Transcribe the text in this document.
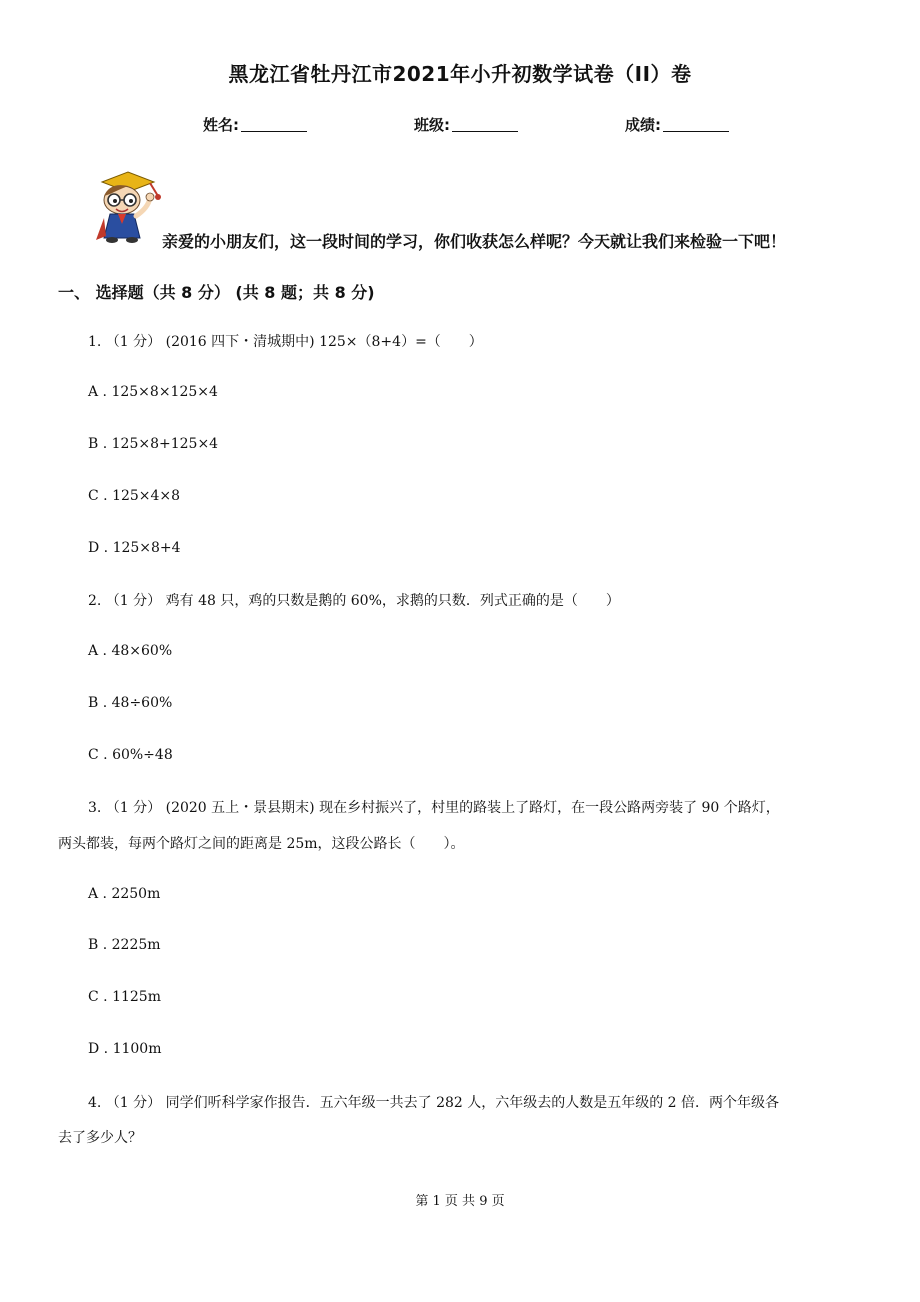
黑龙江省牡丹江市2021年小升初数学试卷（II）卷
姓名:	班级:	成绩:
亲爱的小朋友们，这一段时间的学习，你们收获怎么样呢？今天就让我们来检验一下吧！
一、 选择题（共 8 分） (共 8 题；共 8 分)
1. （1 分） (2016 四下・清城期中) 125×（8+4）=（　　）
A . 125×8×125×4
B . 125×8+125×4
C . 125×4×8
D . 125×8+4
2. （1 分） 鸡有 48 只，鸡的只数是鹅的 60%，求鹅的只数．列式正确的是（　　）
A . 48×60%
B . 48÷60%
C . 60%÷48
3. （1 分） (2020 五上・景县期末) 现在乡村振兴了，村里的路装上了路灯，在一段公路两旁装了 90 个路灯，
两头都装，每两个路灯之间的距离是 25m，这段公路长（　　）。
A . 2250m
B . 2225m
C . 1125m
D . 1100m
4. （1 分） 同学们听科学家作报告．五六年级一共去了 282 人，六年级去的人数是五年级的 2 倍．两个年级各
去了多少人？
第 1 页 共 9 页
